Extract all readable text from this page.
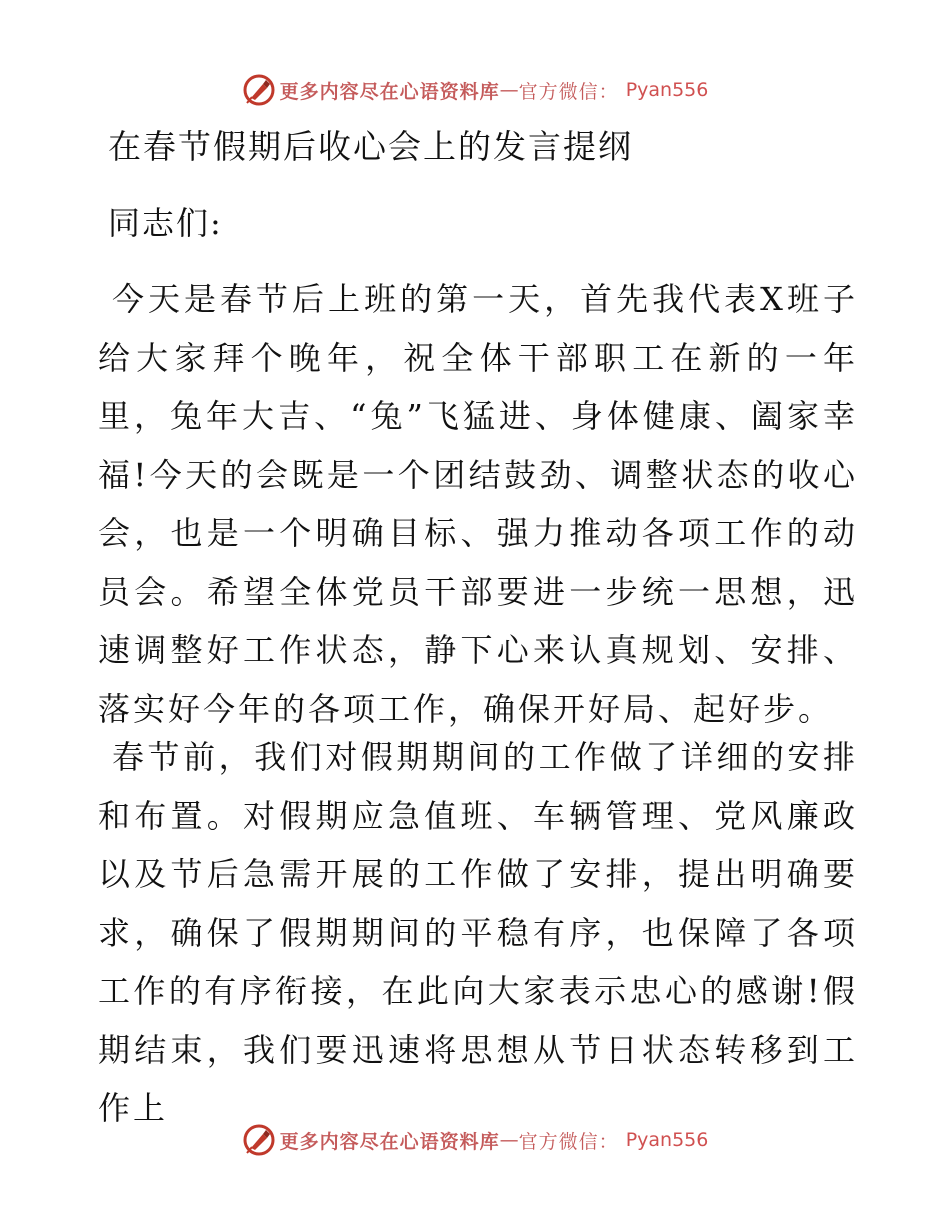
更多内容尽在心语资料库 — 官方微信 ： Pyan556
在春节假期后收心会上的发言提纲

同志们:

今天是春节后上班的第一天，首先我代表X班子给大家拜个晚年，祝全体干部职工在新的一年里，兔年大吉、“兔”飞猛进、身体健康、阖家幸福!今天的会既是一个团结鼓劲、调整状态的收心会，也是一个明确目标、强力推动各项工作的动员会。希望全体党员干部要进一步统一思想，迅速调整好工作状态，静下心来认真规划、安排、落实好今年的各项工作，确保开好局、起好步。

春节前，我们对假期期间的工作做了详细的安排和布置。对假期应急值班、车辆管理、党风廉政以及节后急需开展的工作做了安排，提出明确要求，确保了假期期间的平稳有序，也保障了各项工作的有序衔接，在此向大家表示忠心的感谢!假期结束，我们要迅速将思想从节日状态转移到工作上

更多内容尽在心语资料库 — 官方微信 ： Pyan556
